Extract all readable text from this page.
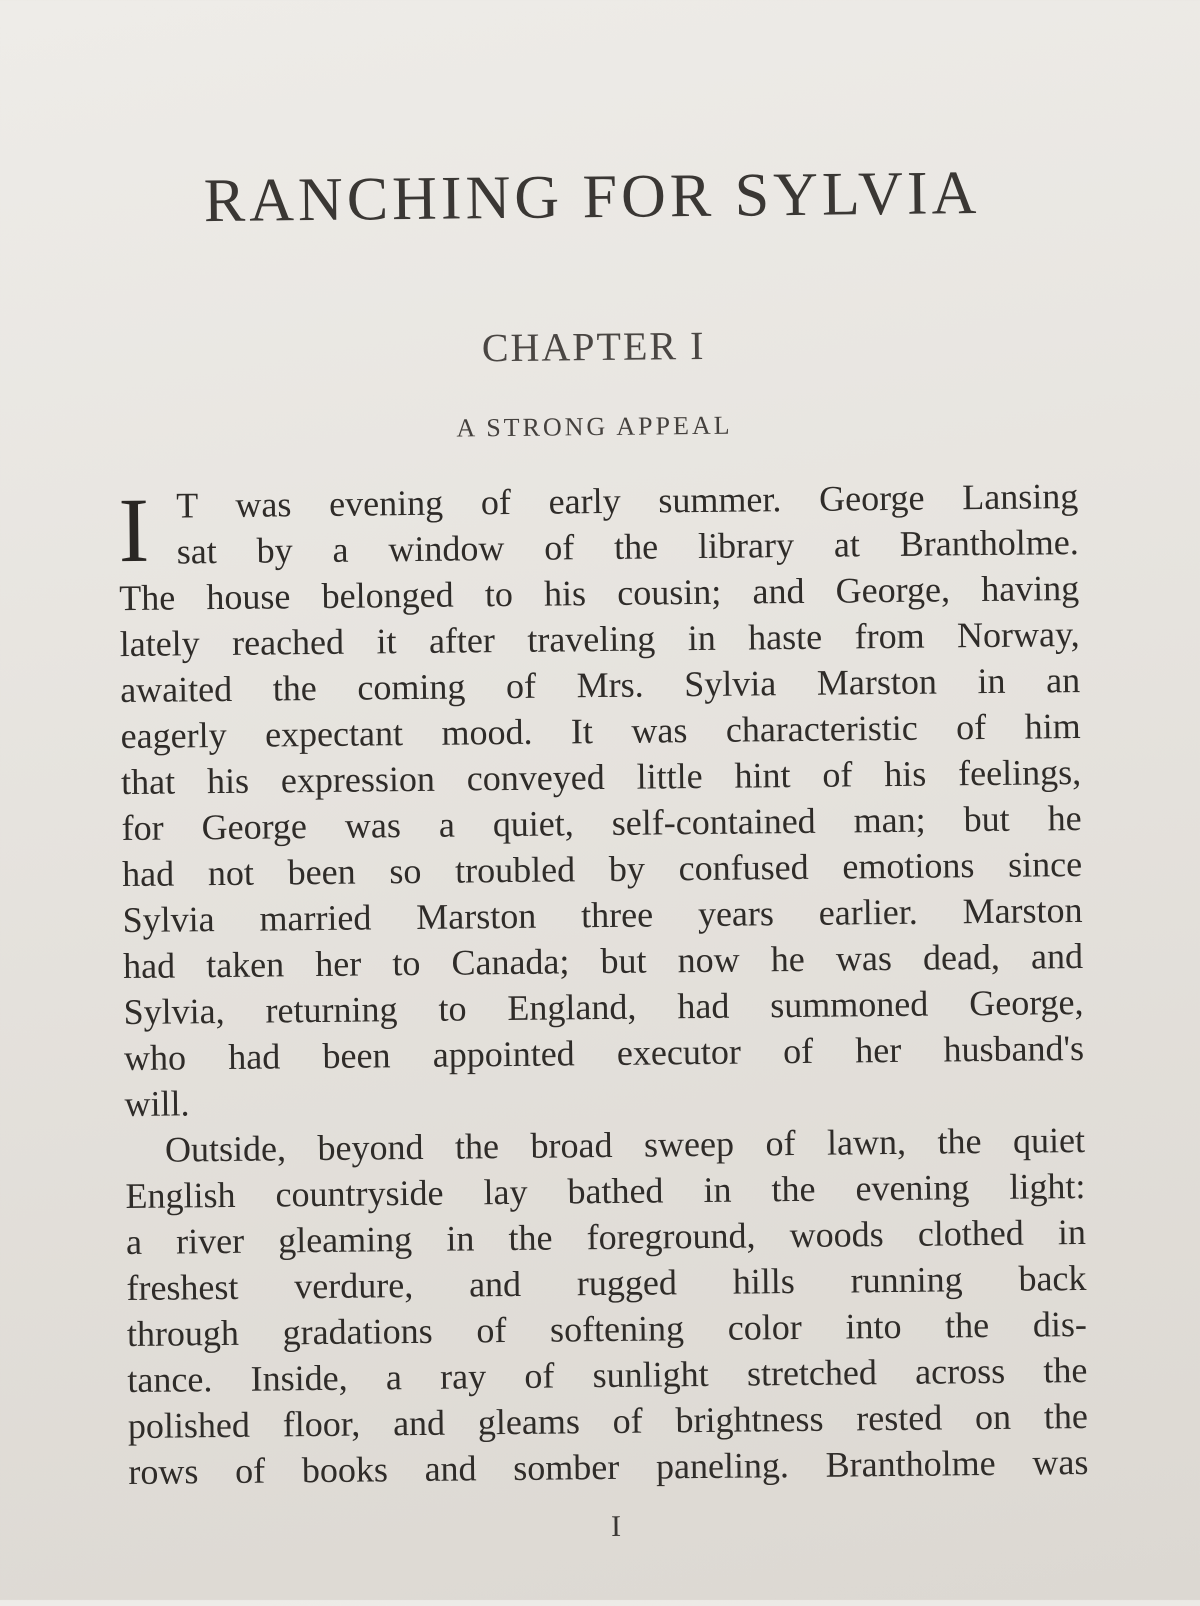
RANCHING FOR SYLVIA
CHAPTER I

A STRONG APPEAL

I T was evening of early summer. George Lansing
sat by a window of the library at Brantholme.
The house belonged to his cousin; and George, having
lately reached it after traveling in haste from Norway,
awaited the coming of Mrs. Sylvia Marston in an
eagerly expectant mood. It was characteristic of him
that his expression conveyed little hint of his feelings,
for George was a quiet, self-contained man; but he
had not been so troubled by confused emotions since
Sylvia married Marston three years earlier. Marston
had taken her to Canada; but now he was dead, and
Sylvia, returning to England, had summoned George,
who had been appointed executor of her husband's
will.
Outside, beyond the broad sweep of lawn, the quiet
English countryside lay bathed in the evening light:
a river gleaming in the foreground, woods clothed in
freshest verdure, and rugged hills running back
through gradations of softening color into the dis-
tance. Inside, a ray of sunlight stretched across the
polished floor, and gleams of brightness rested on the
rows of books and somber paneling. Brantholme was

I
